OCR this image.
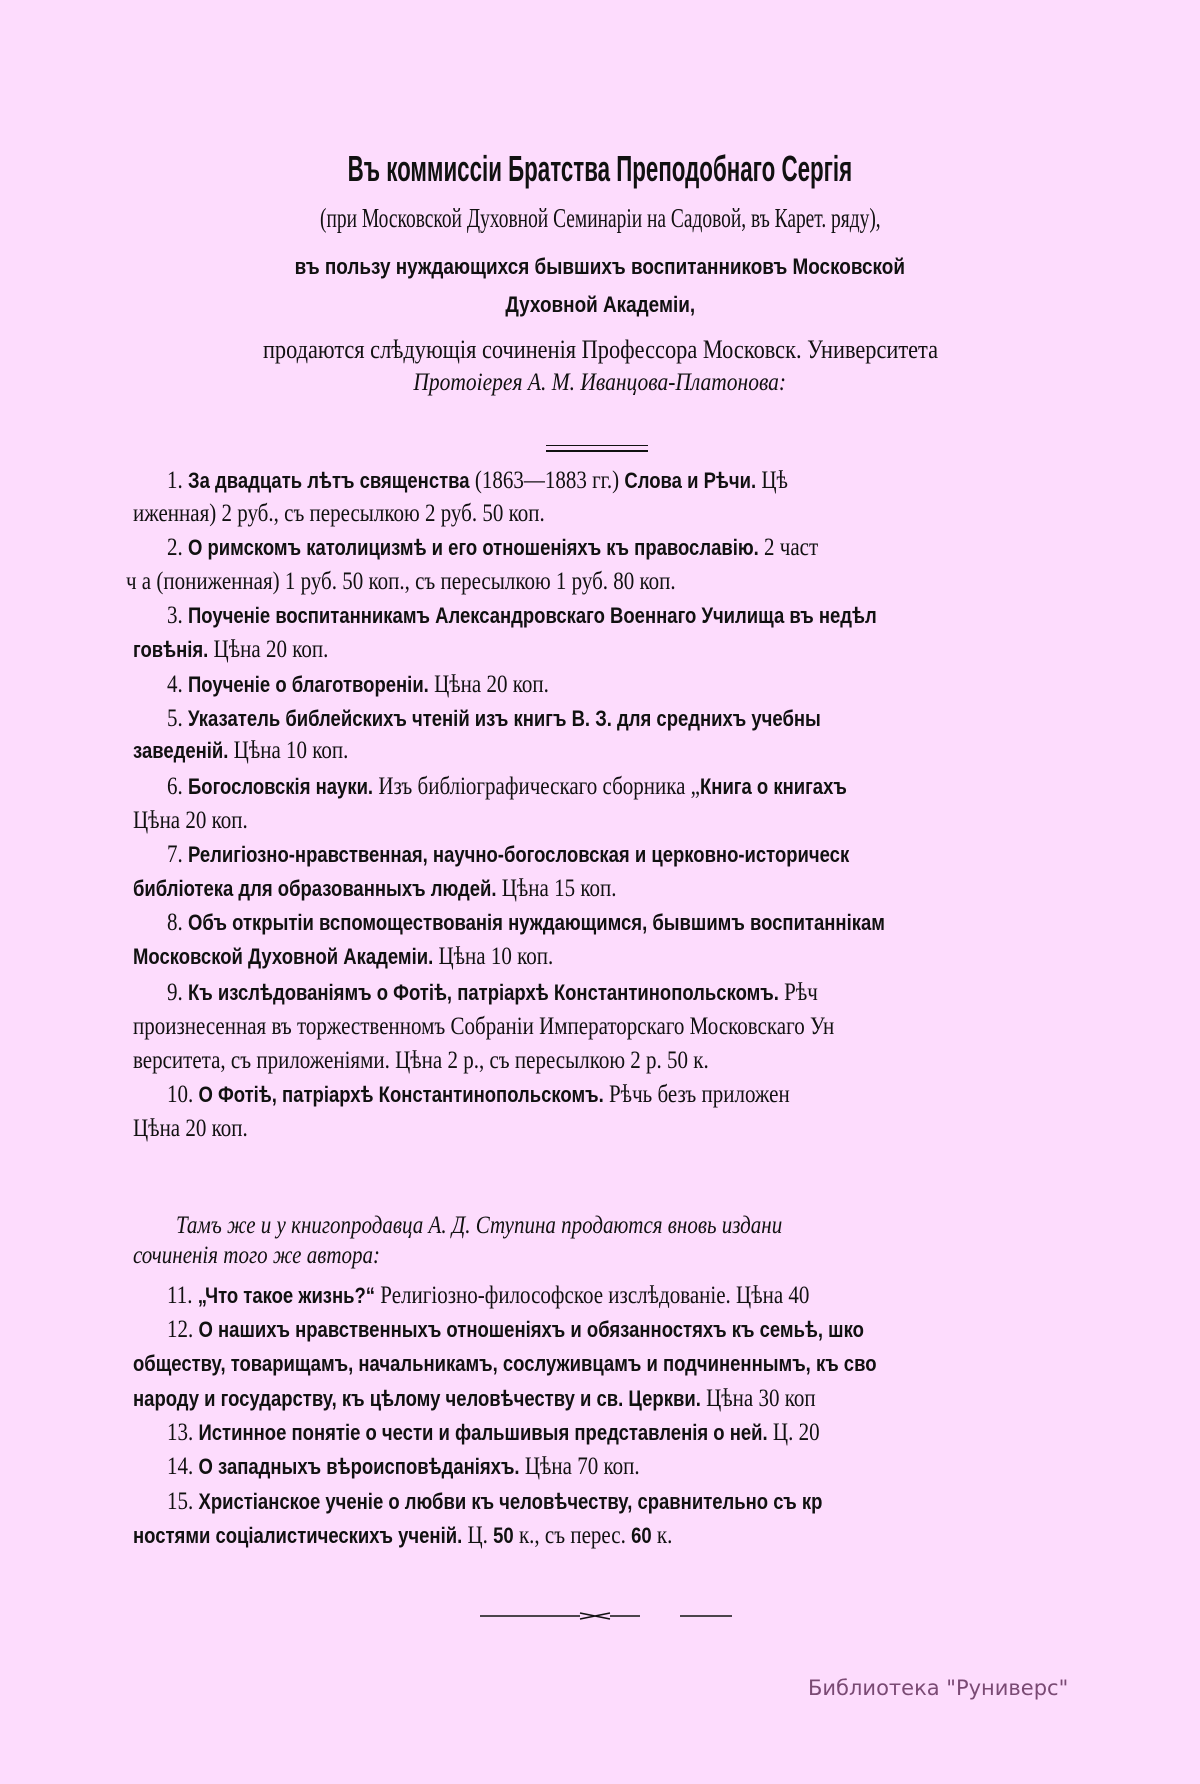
Въ коммиссіи Братства Преподобнаго Сергія
(при Московской Духовной Семинаріи на Садовой, въ Карет. ряду),
въ пользу нуждающихся бывшихъ воспитанниковъ Московской
Духовной Академіи,
продаются слѣдующія сочиненія Профессора Московск. Университета
Протоіерея А. М. Иванцова-Платонова:
1. За двадцать лѣтъ священства (1863—1883 гг.) Слова и Рѣчи. Цѣ
иженная) 2 руб., съ пересылкою 2 руб. 50 коп.
2. О римскомъ католицизмѣ и его отношеніяхъ къ православію. 2 част
ч а (пониженная) 1 руб. 50 коп., съ пересылкою 1 руб. 80 коп.
3. Поученіе воспитанникамъ Александровскаго Военнаго Училища въ недѣл
говѣнія. Цѣна 20 коп.
4. Поученіе о благотвореніи. Цѣна 20 коп.
5. Указатель библейскихъ чтеній изъ книгъ В. З. для среднихъ учебны
заведеній. Цѣна 10 коп.
6. Богословскія науки. Изъ библіографическаго сборника „Книга о книгахъ
Цѣна 20 коп.
7. Религіозно-нравственная, научно-богословская и церковно-историческ
библіотека для образованныхъ людей. Цѣна 15 коп.
8. Объ открытіи вспомоществованія нуждающимся, бывшимъ воспитаннікам
Московской Духовной Академіи. Цѣна 10 коп.
9. Къ изслѣдованіямъ о Фотіѣ, патріархѣ Константинопольскомъ. Рѣч
произнесенная въ торжественномъ Собраніи Императорскаго Московскаго Ун
верситета, съ приложеніями. Цѣна 2 р., съ пересылкою 2 р. 50 к.
10. О Фотіѣ, патріархѣ Константинопольскомъ. Рѣчь безъ приложен
Цѣна 20 коп.
Тамъ же и у книгопродавца А. Д. Ступина продаются вновь издани
сочиненія того же автора:
11. „Что такое жизнь?“ Религіозно-философское изслѣдованіе. Цѣна 40
12. О нашихъ нравственныхъ отношеніяхъ и обязанностяхъ къ семьѣ, шко
обществу, товарищамъ, начальникамъ, сослуживцамъ и подчиненнымъ, къ сво
народу и государству, къ цѣлому человѣчеству и св. Церкви. Цѣна 30 коп
13. Истинное понятіе о чести и фальшивыя представленія о ней. Ц. 20
14. О западныхъ вѣроисповѣданіяхъ. Цѣна 70 коп.
15. Христіанское ученіе о любви къ человѣчеству, сравнительно съ кр
ностями соціалистическихъ ученій. Ц. 50 к., съ перес. 60 к.
Библиотека "Руниверс"
